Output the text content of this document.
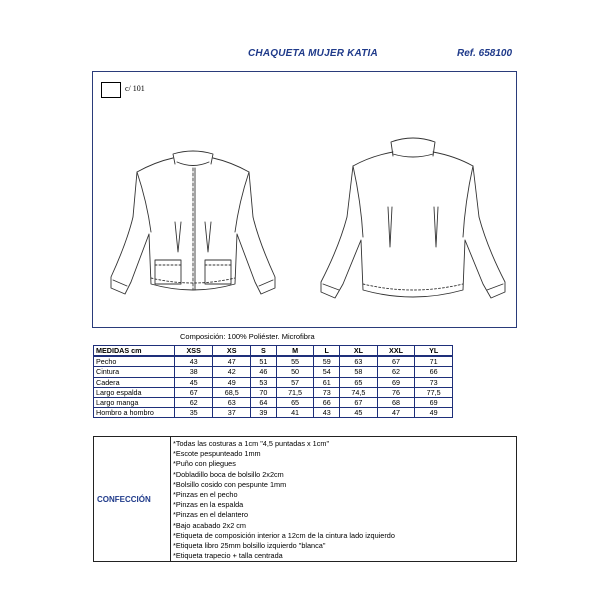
CHAQUETA MUJER KATIA	Ref. 658100
c/ 101
Composición: 100% Poliéster. Microfibra
MEDIDAS cm	XSS	XS	S	M	L	XL	XXL	YL
Pecho	43	47	51	55	59	63	67	71
Cintura	38	42	46	50	54	58	62	66
Cadera	45	49	53	57	61	65	69	73
Largo espalda	67	68,5	70	71,5	73	74,5	76	77,5
Largo manga	62	63	64	65	66	67	68	69
Hombro a hombro	35	37	39	41	43	45	47	49
CONFECCIÓN
*Todas las costuras a 1cm "4,5 puntadas x 1cm"
*Escote pespunteado 1mm
*Puño con pliegues
*Dobladillo boca de bolsillo 2x2cm
*Bolsillo cosido con pespunte 1mm
*Pinzas en el pecho
*Pinzas en la espalda
*Pinzas en el delantero
*Bajo acabado 2x2 cm
*Etiqueta de composición interior a 12cm de la cintura lado izquierdo
*Etiqueta libro 25mm bolsillo izquierdo "blanca"
*Etiqueta trapecio + talla centrada
